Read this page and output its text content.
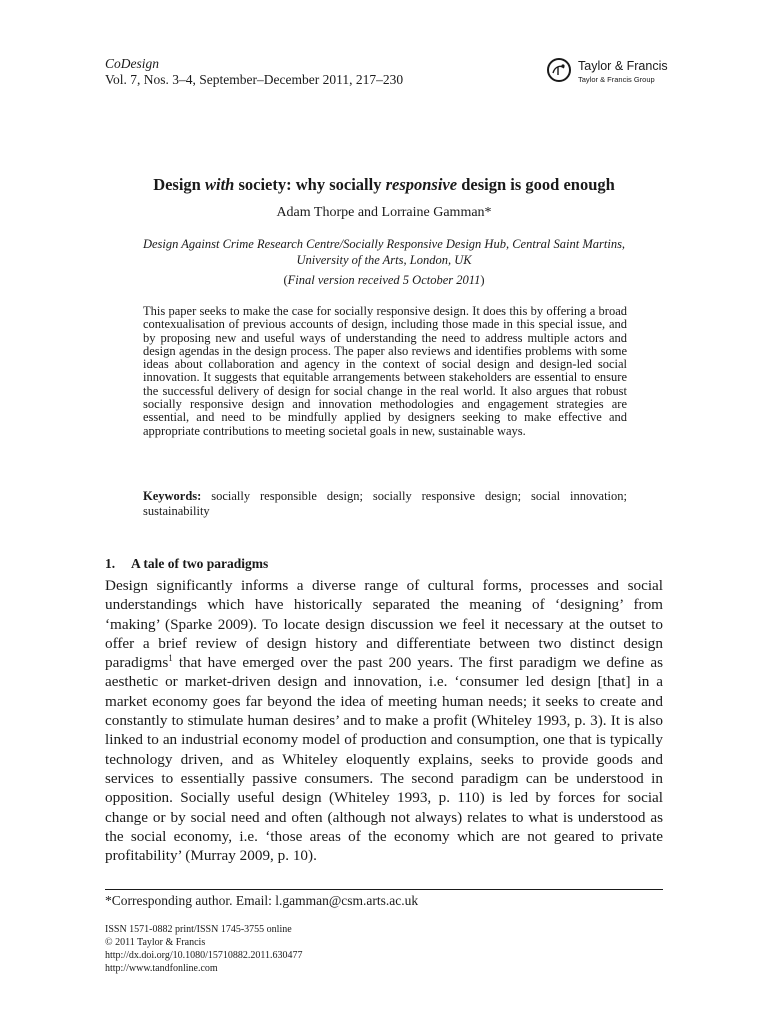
CoDesign
Vol. 7, Nos. 3–4, September–December 2011, 217–230
Taylor & Francis
Taylor & Francis Group
Design with society: why socially responsive design is good enough
Adam Thorpe and Lorraine Gamman*
Design Against Crime Research Centre/Socially Responsive Design Hub, Central Saint Martins,
University of the Arts, London, UK
(Final version received 5 October 2011)
This paper seeks to make the case for socially responsive design. It does this by offering a broad contexualisation of previous accounts of design, including those made in this special issue, and by proposing new and useful ways of understanding the need to address multiple actors and design agendas in the design process. The paper also reviews and identifies problems with some ideas about collaboration and agency in the context of social design and design-led social innovation. It suggests that equitable arrangements between stakeholders are essential to ensure the successful delivery of design for social change in the real world. It also argues that robust socially responsive design and innovation methodologies and engagement strategies are essential, and need to be mindfully applied by designers seeking to make effective and appropriate contributions to meeting societal goals in new, sustainable ways.
Keywords: socially responsible design; socially responsive design; social innovation; sustainability
1. A tale of two paradigms
Design significantly informs a diverse range of cultural forms, processes and social understandings which have historically separated the meaning of ‘designing’ from ‘making’ (Sparke 2009). To locate design discussion we feel it necessary at the outset to offer a brief review of design history and differentiate between two distinct design paradigms$^1$ that have emerged over the past 200 years. The first paradigm we define as aesthetic or market-driven design and innovation, i.e. ‘consumer led design [that] in a market economy goes far beyond the idea of meeting human needs; it seeks to create and constantly to stimulate human desires’ and to make a profit (Whiteley 1993, p. 3). It is also linked to an industrial economy model of production and consumption, one that is typically technology driven, and as Whiteley eloquently explains, seeks to provide goods and services to essentially passive consumers. The second paradigm can be understood in opposition. Socially useful design (Whiteley 1993, p. 110) is led by forces for social change or by social need and often (although not always) relates to what is understood as the social economy, i.e. ‘those areas of the economy which are not geared to private profitability’ (Murray 2009, p. 10).
*Corresponding author. Email: l.gamman@csm.arts.ac.uk
ISSN 1571-0882 print/ISSN 1745-3755 online
© 2011 Taylor & Francis
http://dx.doi.org/10.1080/15710882.2011.630477
http://www.tandfonline.com
